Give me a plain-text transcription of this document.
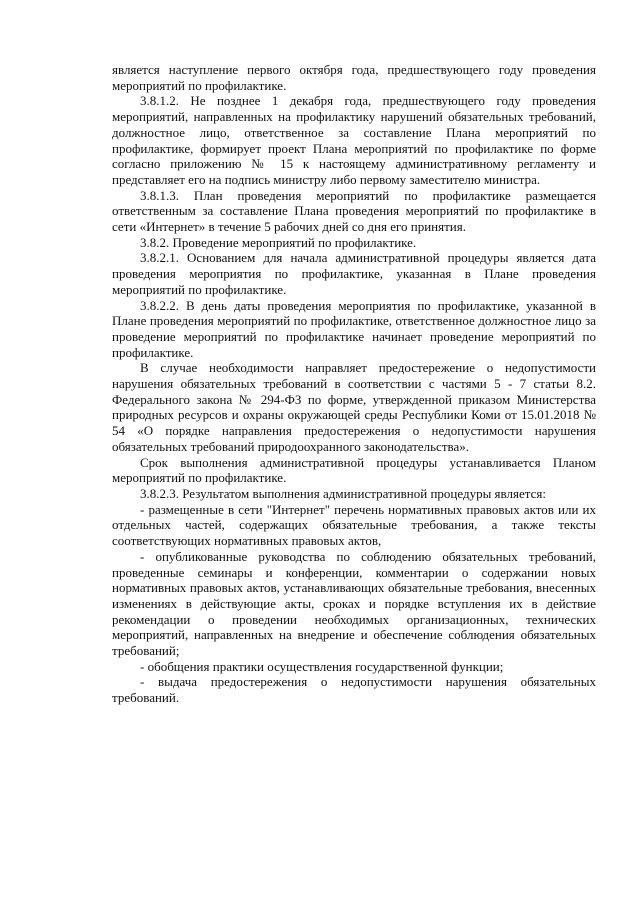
является наступление первого октября года, предшествующего году проведения мероприятий по профилактике.

3.8.1.2. Не позднее 1 декабря года, предшествующего году проведения мероприятий, направленных на профилактику нарушений обязательных требований, должностное лицо, ответственное за составление Плана мероприятий по профилактике, формирует проект Плана мероприятий по профилактике по форме согласно приложению № 15 к настоящему административному регламенту и представляет его на подпись министру либо первому заместителю министра.

3.8.1.3. План проведения мероприятий по профилактике размещается ответственным за составление Плана проведения мероприятий по профилактике в сети «Интернет» в течение 5 рабочих дней со дня его принятия.

3.8.2. Проведение мероприятий по профилактике.

3.8.2.1. Основанием для начала административной процедуры является дата проведения мероприятия по профилактике, указанная в Плане проведения мероприятий по профилактике.

3.8.2.2. В день даты проведения мероприятия по профилактике, указанной в Плане проведения мероприятий по профилактике, ответственное должностное лицо за проведение мероприятий по профилактике начинает проведение мероприятий по профилактике.

В случае необходимости направляет предостережение о недопустимости нарушения обязательных требований в соответствии с частями 5 - 7 статьи 8.2. Федерального закона № 294-ФЗ по форме, утвержденной приказом Министерства природных ресурсов и охраны окружающей среды Республики Коми от 15.01.2018 № 54 «О порядке направления предостережения о недопустимости нарушения обязательных требований природоохранного законодательства».

Срок выполнения административной процедуры устанавливается Планом мероприятий по профилактике.

3.8.2.3. Результатом выполнения административной процедуры является:

- размещенные в сети "Интернет" перечень нормативных правовых актов или их отдельных частей, содержащих обязательные требования, а также тексты соответствующих нормативных правовых актов,

- опубликованные руководства по соблюдению обязательных требований, проведенные семинары и конференции, комментарии о содержании новых нормативных правовых актов, устанавливающих обязательные требования, внесенных изменениях в действующие акты, сроках и порядке вступления их в действие рекомендации о проведении необходимых организационных, технических мероприятий, направленных на внедрение и обеспечение соблюдения обязательных требований;

- обобщения практики осуществления государственной функции;

- выдача предостережения о недопустимости нарушения обязательных требований.
